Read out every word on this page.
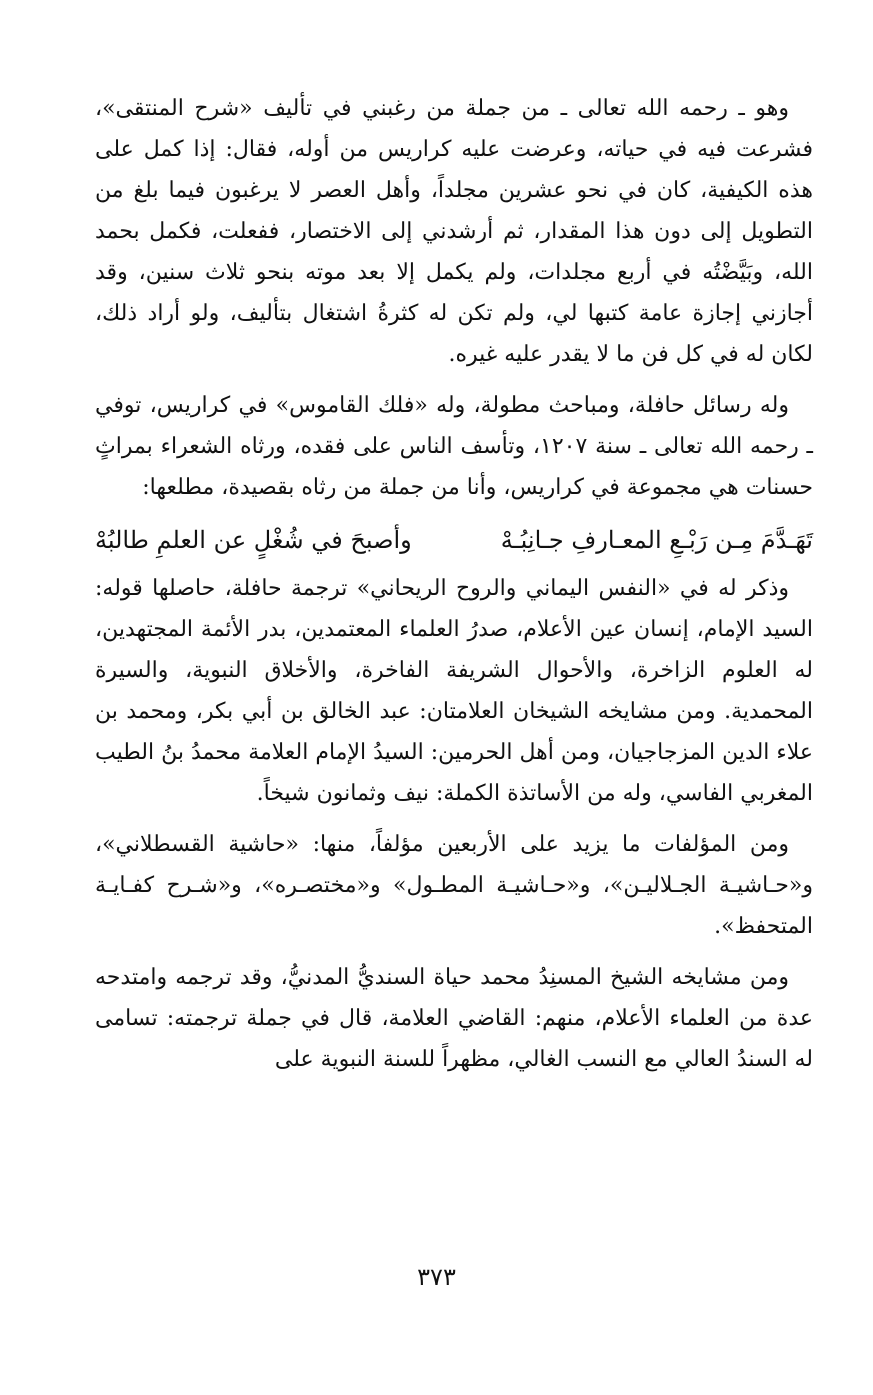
وهو ـ رحمه الله تعالى ـ من جملة من رغبني في تأليف «شرح المنتقى»، فشرعت فيه في حياته، وعرضت عليه كراريس من أوله، فقال: إذا كمل على هذه الكيفية، كان في نحو عشرين مجلداً، وأهل العصر لا يرغبون فيما بلغ من التطويل إلى دون هذا المقدار، ثم أرشدني إلى الاختصار، ففعلت، فكمل بحمد الله، وبَيَّضْتُه في أربع مجلدات، ولم يكمل إلا بعد موته بنحو ثلاث سنين، وقد أجازني إجازة عامة كتبها لي، ولم تكن له كثرةُ اشتغال بتأليف، ولو أراد ذلك، لكان له في كل فن ما لا يقدر عليه غيره.

وله رسائل حافلة، ومباحث مطولة، وله «فلك القاموس» في كراريس، توفي ـ رحمه الله تعالى ـ سنة ١٢٠٧، وتأسف الناس على فقده، ورثاه الشعراء بمراثٍ حسنات هي مجموعة في كراريس، وأنا من جملة من رثاه بقصيدة، مطلعها:

تَهَـدَّمَ مِـن رَبْـعِ المعـارفِ جـانِبُـهْ
وأصبحَ في شُغْلٍ عن العلمِ طالبُهْ

وذكر له في «النفس اليماني والروح الريحاني» ترجمة حافلة، حاصلها قوله: السيد الإمام، إنسان عين الأعلام، صدرُ العلماء المعتمدين، بدر الأئمة المجتهدين، له العلوم الزاخرة، والأحوال الشريفة الفاخرة، والأخلاق النبوية، والسيرة المحمدية. ومن مشايخه الشيخان العلامتان: عبد الخالق بن أبي بكر، ومحمد بن علاء الدين المزجاجيان، ومن أهل الحرمين: السيدُ الإمام العلامة محمدُ بنُ الطيب المغربي الفاسي، وله من الأساتذة الكملة: نيف وثمانون شيخاً.

ومن المؤلفات ما يزيد على الأربعين مؤلفاً، منها: «حاشية القسطلاني»، و«حـاشيـة الجـلاليـن»، و«حـاشيـة المطـول» و«مختصـره»، و«شـرح كفـايـة المتحفظ».

ومن مشايخه الشيخ المسنِدُ محمد حياة السنديُّ المدنيُّ، وقد ترجمه وامتدحه عدة من العلماء الأعلام، منهم: القاضي العلامة، قال في جملة ترجمته: تسامى له السندُ العالي مع النسب الغالي، مظهراً للسنة النبوية على

٣٧٣
